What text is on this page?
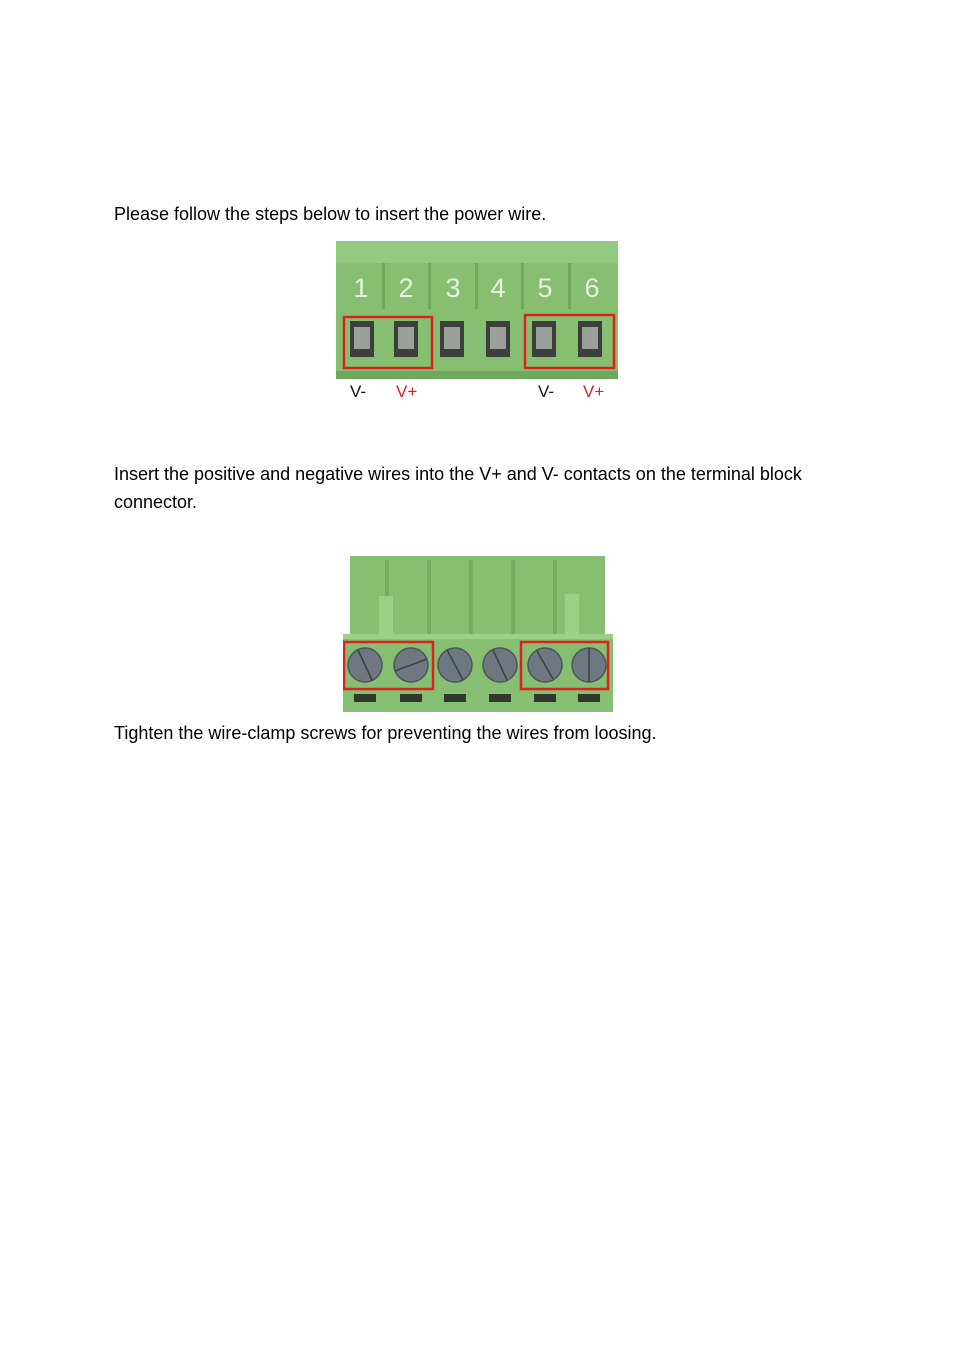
Please follow the steps below to insert the power wire.

1 2 3 4 5 6
V- V+	V- V+

Insert the positive and negative wires into the V+ and V- contacts on the terminal block connector.

Tighten the wire-clamp screws for preventing the wires from loosing.
